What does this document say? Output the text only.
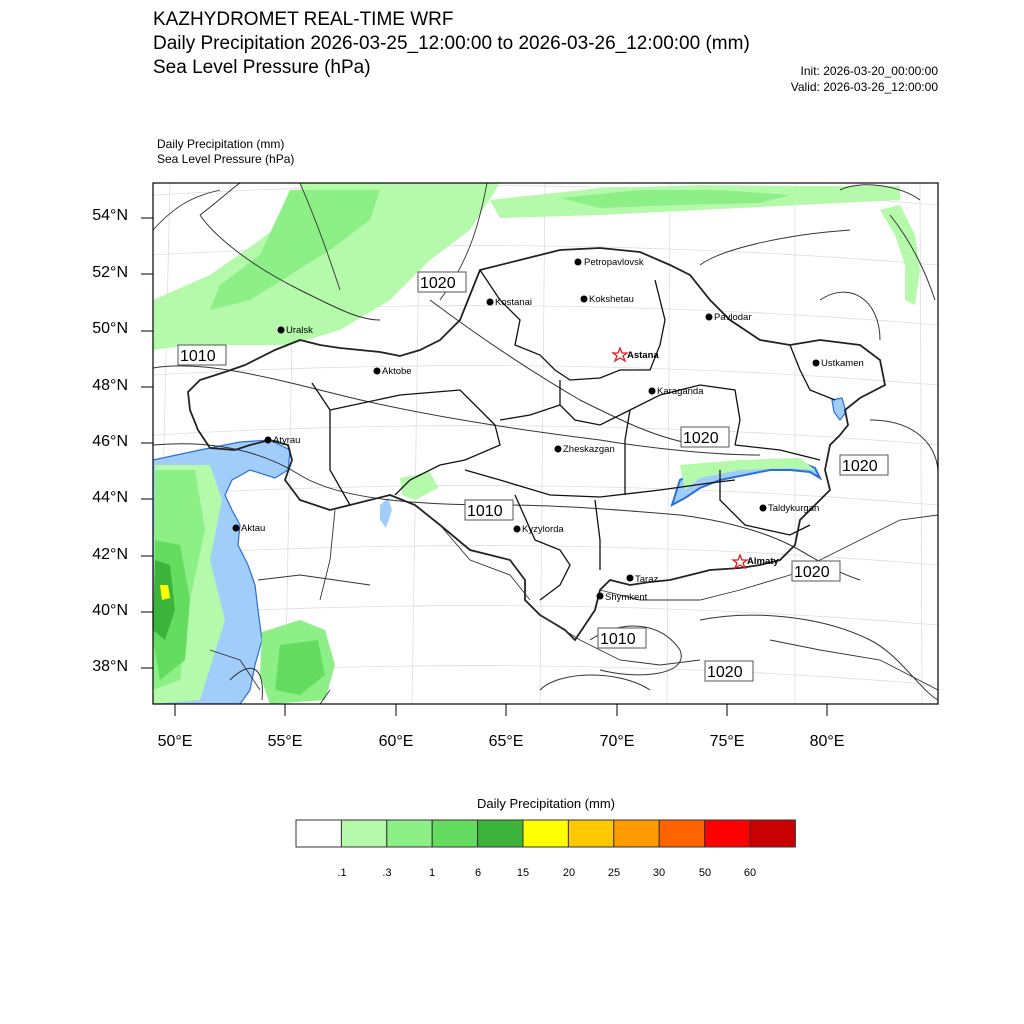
KAZHYDROMET REAL-TIME WRF
Daily Precipitation 2026-03-25_12:00:00 to 2026-03-26_12:00:00 (mm)
Sea Level Pressure (hPa)	Init: 2026-03-20_00:00:00
Valid: 2026-03-26_12:00:00
Daily Precipitation (mm)
Sea Level Pressure (hPa)
1020
1010
1020
1010
1020
1020
1010
1020
Petropavlovsk
Kostanai	Kokshetau
Pavlodar
Uralsk
Astana
Aktobe
Ustkamen
Karaganda
Atyrau
Zheskazgan
Aktau	Kyzylorda
Taldykurgan
Almaty
Taraz
Shymkent
54°N
52°N
50°N
48°N
46°N
44°N
42°N
40°N
38°N
50°E	55°E	60°E	65°E	70°E	75°E	80°E
Daily Precipitation (mm)
.1	.3	1	6	15	20	25	30	50	60
